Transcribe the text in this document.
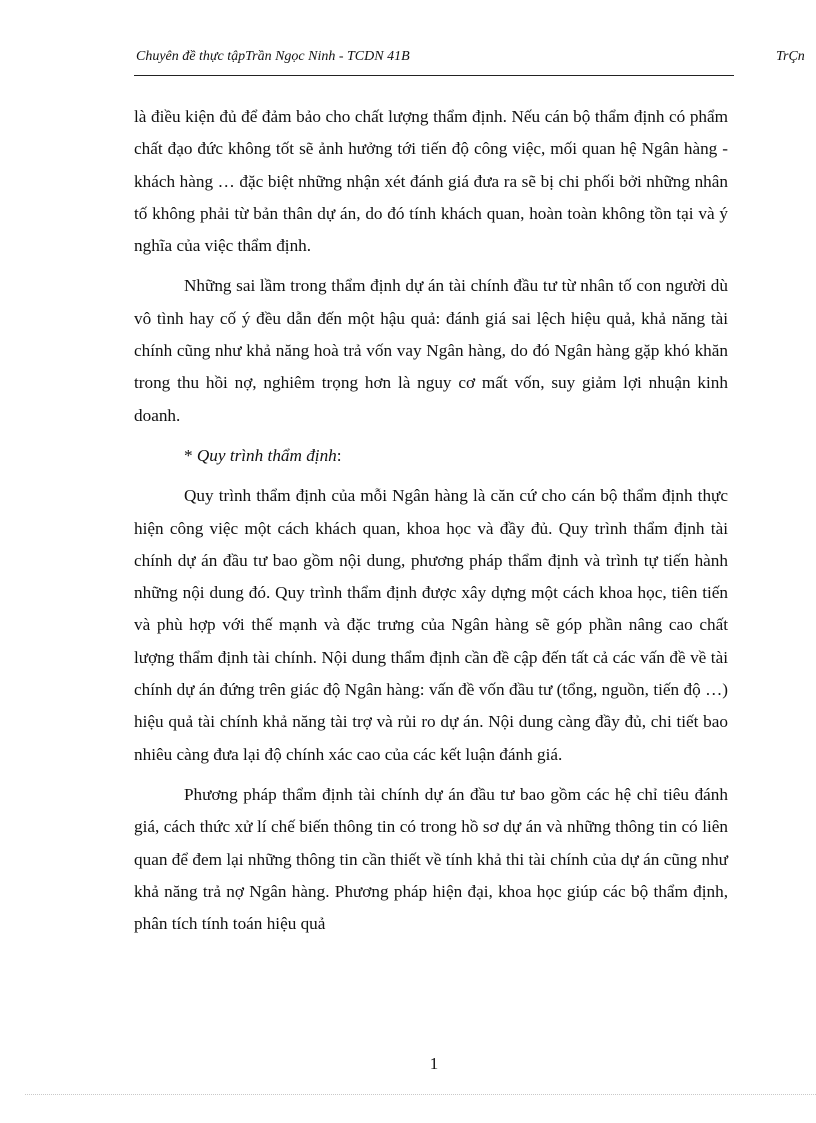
Chuyên đề thực tậpTrần Ngọc Ninh - TCDN 41B	TrÇn

là điều kiện đủ để đảm bảo cho chất lượng thẩm định. Nếu cán bộ thẩm định có phẩm chất đạo đức không tốt sẽ ảnh hưởng tới tiến độ công việc, mối quan hệ Ngân hàng - khách hàng … đặc biệt những nhận xét đánh giá đưa ra sẽ bị chi phối bởi những nhân tố không phải từ bản thân dự án, do đó tính khách quan, hoàn toàn không tồn tại và ý nghĩa của việc thẩm định.

Những sai lầm trong thẩm định dự án tài chính đầu tư từ nhân tố con người dù vô tình hay cố ý đều dẫn đến một hậu quả: đánh giá sai lệch hiệu quả, khả năng tài chính cũng như khả năng hoà trả vốn vay Ngân hàng, do đó Ngân hàng gặp khó khăn trong thu hồi nợ, nghiêm trọng hơn là nguy cơ mất vốn, suy giảm lợi nhuận kinh doanh.

* Quy trình thẩm định:

Quy trình thẩm định của mỗi Ngân hàng là căn cứ cho cán bộ thẩm định thực hiện công việc một cách khách quan, khoa học và đầy đủ. Quy trình thẩm định tài chính dự án đầu tư bao gồm nội dung, phương pháp thẩm định và trình tự tiến hành những nội dung đó. Quy trình thẩm định được xây dựng một cách khoa học, tiên tiến và phù hợp với thế mạnh và đặc trưng của Ngân hàng sẽ góp phần nâng cao chất lượng thẩm định tài chính. Nội dung thẩm định cần đề cập đến tất cả các vấn đề về tài chính dự án đứng trên giác độ Ngân hàng: vấn đề vốn đầu tư (tổng, nguồn, tiến độ …) hiệu quả tài chính khả năng tài trợ và rủi ro dự án. Nội dung càng đầy đủ, chi tiết bao nhiêu càng đưa lại độ chính xác cao của các kết luận đánh giá.

Phương pháp thẩm định tài chính dự án đầu tư bao gồm các hệ chỉ tiêu đánh giá, cách thức xử lí chế biến thông tin có trong hồ sơ dự án và những thông tin có liên quan để đem lại những thông tin cần thiết về tính khả thi tài chính của dự án cũng như khả năng trả nợ Ngân hàng. Phương pháp hiện đại, khoa học giúp các bộ thẩm định, phân tích tính toán hiệu quả

1
